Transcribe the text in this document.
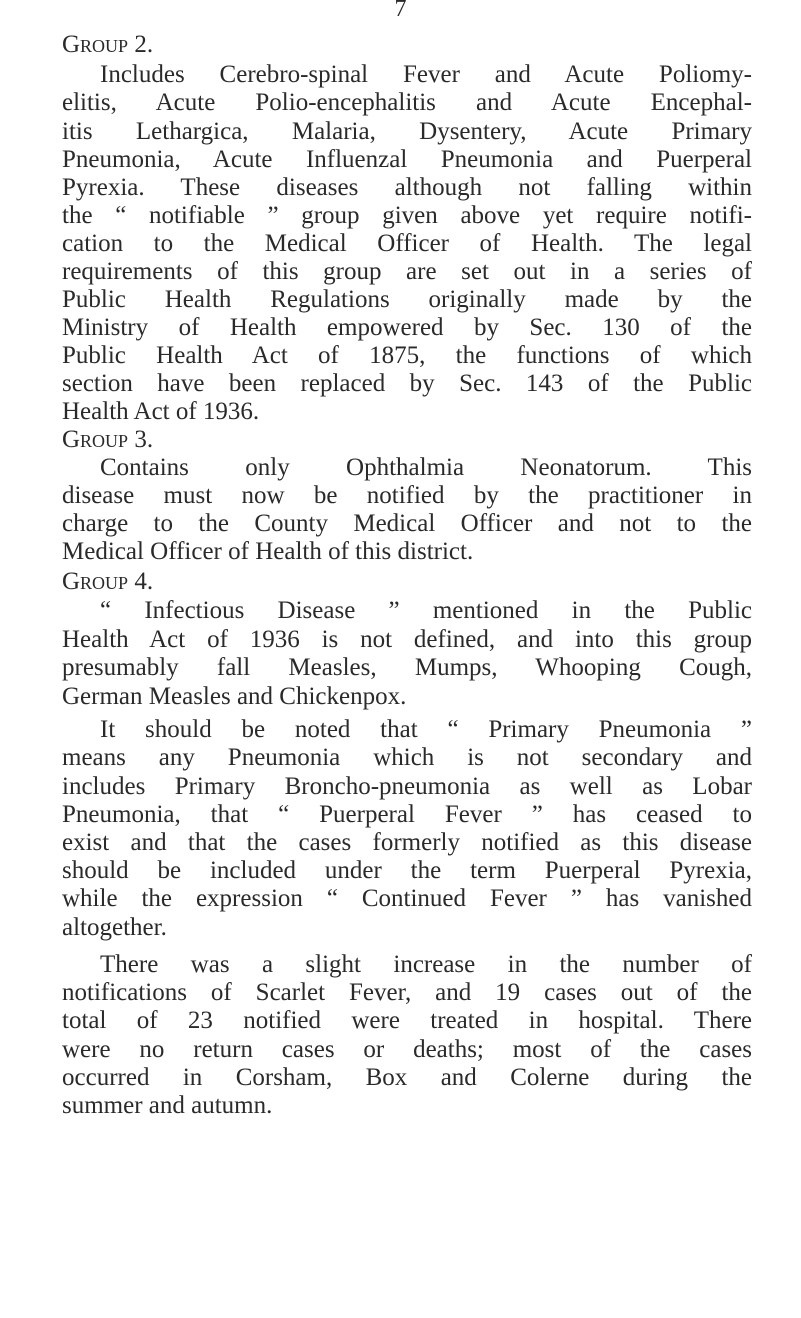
7
Group 2.
Includes Cerebro-spinal Fever and Acute Poliomy-
elitis, Acute Polio-encephalitis and Acute Encephal-
itis Lethargica, Malaria, Dysentery, Acute Primary
Pneumonia, Acute Influenzal Pneumonia and Puerperal
Pyrexia. These diseases although not falling within
the “ notifiable ” group given above yet require notifi-
cation to the Medical Officer of Health. The legal
requirements of this group are set out in a series of
Public Health Regulations originally made by the
Ministry of Health empowered by Sec. 130 of the
Public Health Act of 1875, the functions of which
section have been replaced by Sec. 143 of the Public
Health Act of 1936.
Group 3.
Contains only Ophthalmia Neonatorum. This
disease must now be notified by the practitioner in
charge to the County Medical Officer and not to the
Medical Officer of Health of this district.
Group 4.
“ Infectious Disease ” mentioned in the Public
Health Act of 1936 is not defined, and into this group
presumably fall Measles, Mumps, Whooping Cough,
German Measles and Chickenpox.
It should be noted that “ Primary Pneumonia ”
means any Pneumonia which is not secondary and
includes Primary Broncho-pneumonia as well as Lobar
Pneumonia, that “ Puerperal Fever ” has ceased to
exist and that the cases formerly notified as this disease
should be included under the term Puerperal Pyrexia,
while the expression “ Continued Fever ” has vanished
altogether.
There was a slight increase in the number of
notifications of Scarlet Fever, and 19 cases out of the
total of 23 notified were treated in hospital. There
were no return cases or deaths; most of the cases
occurred in Corsham, Box and Colerne during the
summer and autumn.
